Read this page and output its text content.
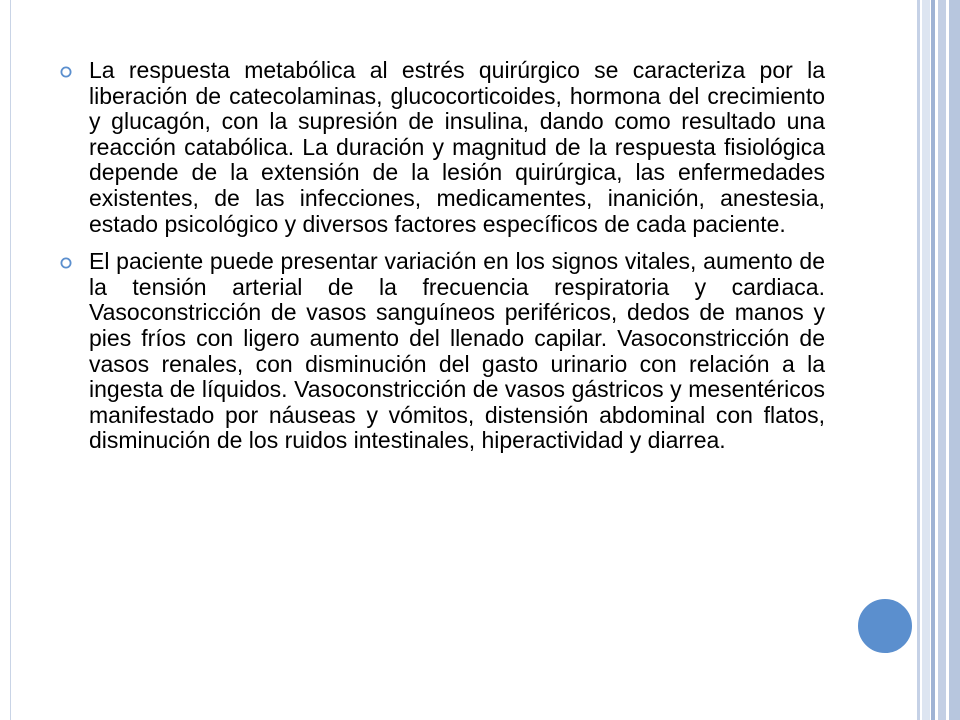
La respuesta metabólica al estrés quirúrgico se caracteriza por la liberación de catecolaminas, glucocorticoides, hormona del crecimiento y glucagón, con la supresión de insulina, dando como resultado una reacción catabólica. La duración y magnitud de la respuesta fisiológica depende de la extensión de la lesión quirúrgica, las enfermedades existentes, de las infecciones, medicamentes, inanición, anestesia, estado psicológico y diversos factores específicos de cada paciente.

El paciente puede presentar variación en los signos vitales, aumento de la tensión arterial de la frecuencia respiratoria y cardiaca. Vasoconstricción de vasos sanguíneos periféricos, dedos de manos y pies fríos con ligero aumento del llenado capilar. Vasoconstricción de vasos renales, con disminución del gasto urinario con relación a la ingesta de líquidos. Vasoconstricción de vasos gástricos y mesentéricos manifestado por náuseas y vómitos, distensión abdominal con flatos, disminución de los ruidos intestinales, hiperactividad y diarrea.
